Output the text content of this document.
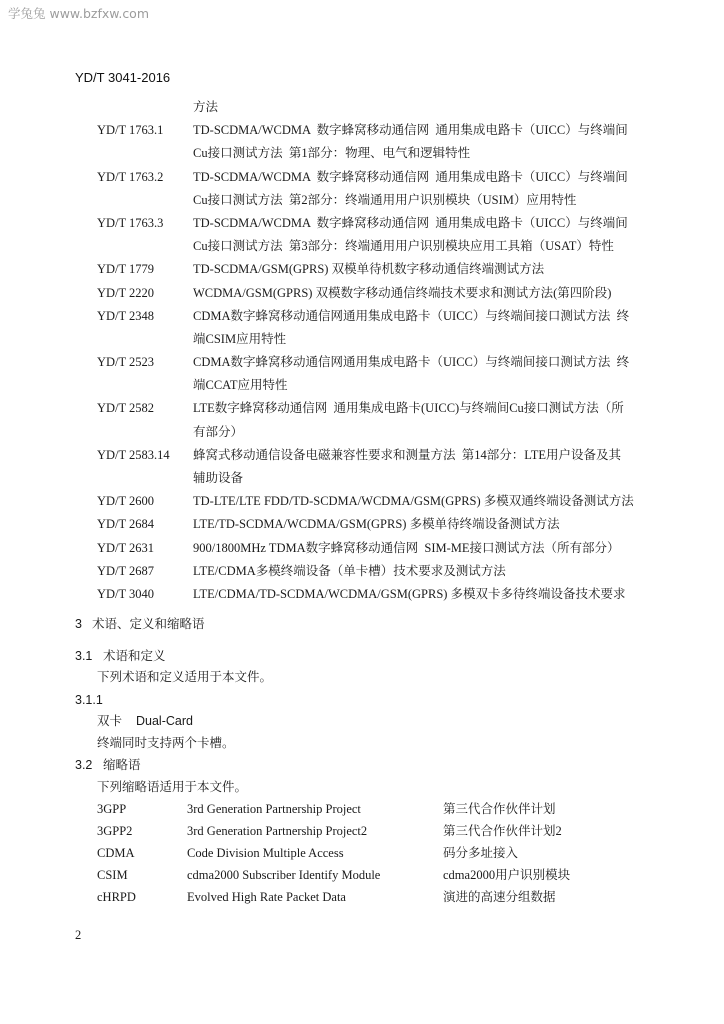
学兔兔 www.bzfxw.com
YD/T 3041-2016
方法
YD/T 1763.1 TD-SCDMA/WCDMA  数字蜂窝移动通信网  通用集成电路卡（UICC）与终端间
Cu接口测试方法  第1部分：物理、电气和逻辑特性
YD/T 1763.2 TD-SCDMA/WCDMA  数字蜂窝移动通信网  通用集成电路卡（UICC）与终端间
Cu接口测试方法  第2部分：终端通用用户识别模块（USIM）应用特性
YD/T 1763.3 TD-SCDMA/WCDMA  数字蜂窝移动通信网  通用集成电路卡（UICC）与终端间
Cu接口测试方法  第3部分：终端通用用户识别模块应用工具箱（USAT）特性
YD/T 1779	TD-SCDMA/GSM(GPRS) 双模单待机数字移动通信终端测试方法
YD/T 2220	WCDMA/GSM(GPRS) 双模数字移动通信终端技术要求和测试方法(第四阶段)
YD/T 2348	CDMA数字蜂窝移动通信网通用集成电路卡（UICC）与终端间接口测试方法  终
端CSIM应用特性
YD/T 2523	CDMA数字蜂窝移动通信网通用集成电路卡（UICC）与终端间接口测试方法  终
端CCAT应用特性
YD/T 2582	LTE数字蜂窝移动通信网  通用集成电路卡(UICC)与终端间Cu接口测试方法（所
有部分）
YD/T 2583.14 蜂窝式移动通信设备电磁兼容性要求和测量方法  第14部分：LTE用户设备及其
辅助设备
YD/T 2600	TD-LTE/LTE FDD/TD-SCDMA/WCDMA/GSM(GPRS) 多模双通终端设备测试方法
YD/T 2684	LTE/TD-SCDMA/WCDMA/GSM(GPRS) 多模单待终端设备测试方法
YD/T 2631	900/1800MHz TDMA数字蜂窝移动通信网  SIM-ME接口测试方法（所有部分）
YD/T 2687	LTE/CDMA多模终端设备（单卡槽）技术要求及测试方法
YD/T 3040	LTE/CDMA/TD-SCDMA/WCDMA/GSM(GPRS) 多模双卡多待终端设备技术要求
3 术语、定义和缩略语
3.1 术语和定义
下列术语和定义适用于本文件。
3.1.1
双卡 Dual-Card
终端同时支持两个卡槽。
3.2 缩略语
下列缩略语适用于本文件。
3GPP	3rd Generation Partnership Project	第三代合作伙伴计划
3GPP2	3rd Generation Partnership Project2	第三代合作伙伴计划2
CDMA	Code Division Multiple Access	码分多址接入
CSIM	cdma2000 Subscriber Identify Module	cdma2000用户识别模块
cHRPD	Evolved High Rate Packet Data	演进的高速分组数据
2
